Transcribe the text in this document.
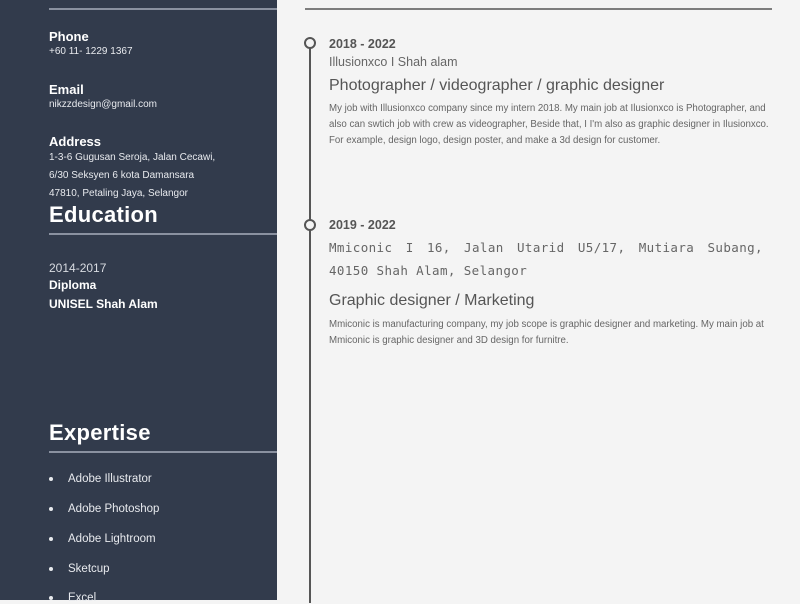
Phone
+60 11- 1229 1367
Email
nikzzdesign@gmail.com
Address
1-3-6 Gugusan Seroja, Jalan Cecawi,
6/30 Seksyen 6 kota Damansara
47810, Petaling Jaya, Selangor
Education
2014-2017
Diploma
UNISEL Shah Alam
Expertise
Adobe Illustrator
Adobe Photoshop
Adobe Lightroom
Sketcup
Excel
2018 - 2022
Illusionxco I Shah alam
Photographer / videographer / graphic designer
My job with Illusionxco company since my intern 2018. My main job at Ilusionxco is Photographer, and also can swtich job with crew as videographer, Beside that, I I'm also as graphic designer in Ilusionxco. For example, design logo, design poster, and make a 3d design for customer.
2019 - 2022
Mmiconic I 16, Jalan Utarid U5/17, Mutiara Subang, 40150 Shah Alam, Selangor
Graphic designer / Marketing
Mmiconic is manufacturing company, my job scope is graphic designer and marketing. My main job at Mmiconic is graphic designer and 3D design for furnitre.
